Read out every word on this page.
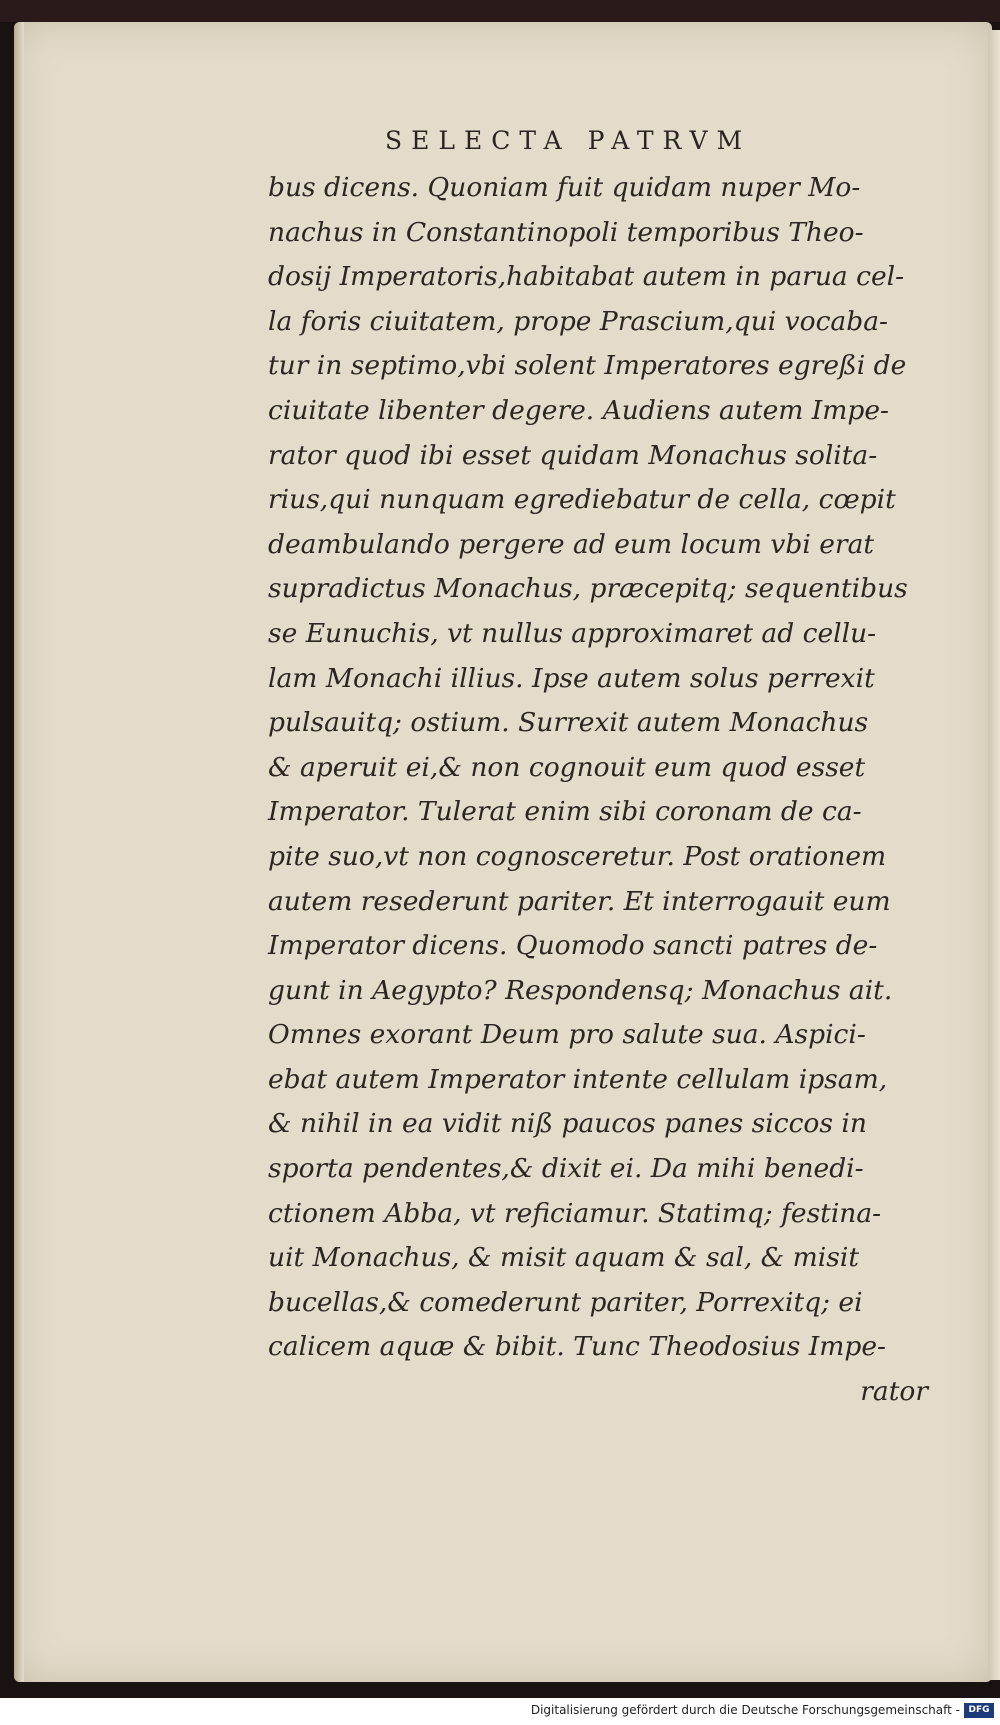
SELECTA PATRVM
bus dicens. Quoniam fuit quidam nuper Mo-
nachus in Constantinopoli temporibus Theo-
dosij Imperatoris,habitabat autem in parua cel-
la foris ciuitatem, prope Prascium,qui vocaba-
tur in septimo,vbi solent Imperatores egreßi de
ciuitate libenter degere. Audiens autem Impe-
rator quod ibi esset quidam Monachus solita-
rius,qui nunquam egrediebatur de cella, cœpit
deambulando pergere ad eum locum vbi erat
supradictus Monachus, præcepitq; sequentibus
se Eunuchis, vt nullus approximaret ad cellu-
lam Monachi illius. Ipse autem solus perrexit
pulsauitq; ostium. Surrexit autem Monachus
& aperuit ei,& non cognouit eum quod esset
Imperator. Tulerat enim sibi coronam de ca-
pite suo,vt non cognosceretur. Post orationem
autem resederunt pariter. Et interrogauit eum
Imperator dicens. Quomodo sancti patres de-
gunt in Aegypto? Respondensq; Monachus ait.
Omnes exorant Deum pro salute sua. Aspici-
ebat autem Imperator intente cellulam ipsam,
& nihil in ea vidit niß paucos panes siccos in
sporta pendentes,& dixit ei. Da mihi benedi-
ctionem Abba, vt reficiamur. Statimq; festina-
uit Monachus, & misit aquam & sal, & misit
bucellas,& comederunt pariter, Porrexitq; ei
calicem aquæ & bibit. Tunc Theodosius Impe-
rator
Digitalisierung gefördert durch die Deutsche Forschungsgemeinschaft - DFG
